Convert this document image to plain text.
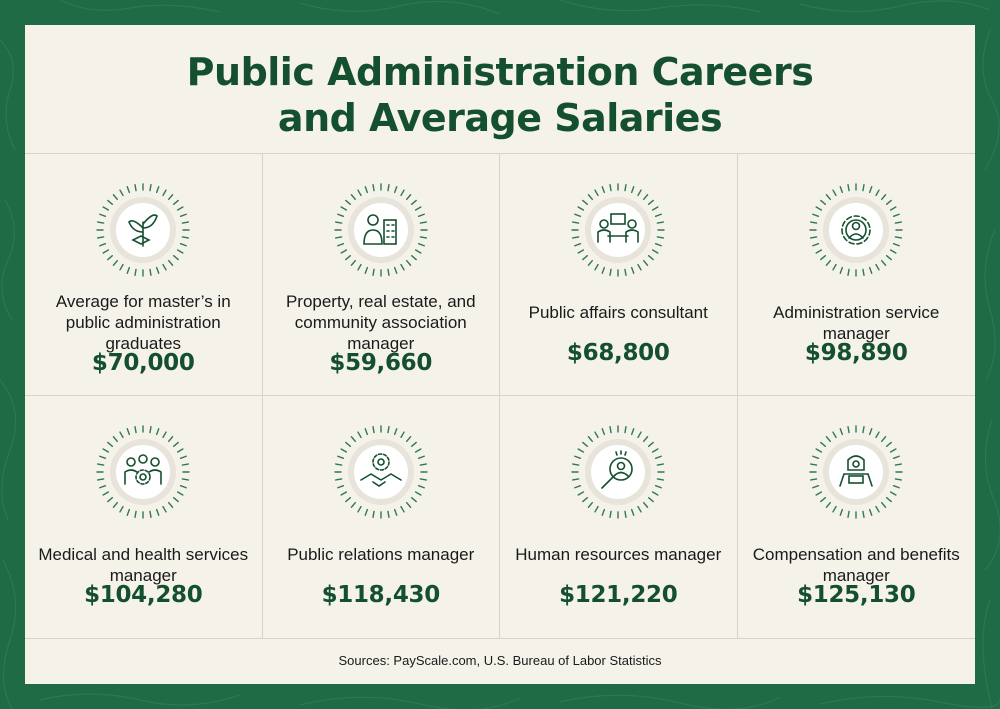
Public Administration Careers
and Average Salaries
Average for master’s in public administration graduates
$70,000
Property, real estate, and community association manager
$59,660
Public affairs consultant
$68,800
Administration service manager
$98,890
Medical and health services manager
$104,280
Public relations manager
$118,430
Human resources manager
$121,220
Compensation and benefits manager
$125,130
Sources: PayScale.com, U.S. Bureau of Labor Statistics
